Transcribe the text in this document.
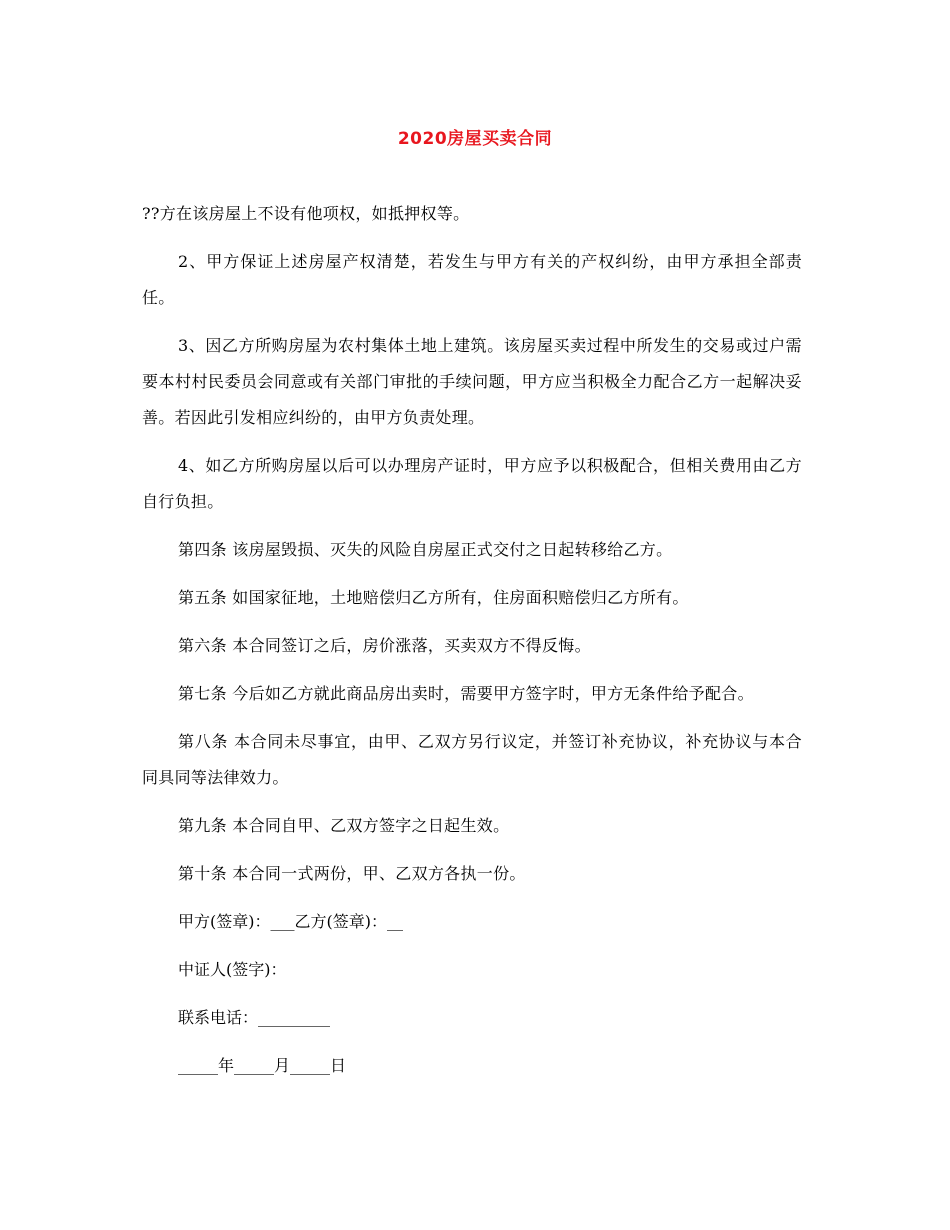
2020房屋买卖合同

??方在该房屋上不设有他项权，如抵押权等。

2、甲方保证上述房屋产权清楚，若发生与甲方有关的产权纠纷，由甲方承担全部责任。

3、因乙方所购房屋为农村集体土地上建筑。该房屋买卖过程中所发生的交易或过户需要本村村民委员会同意或有关部门审批的手续问题，甲方应当积极全力配合乙方一起解决妥善。若因此引发相应纠纷的，由甲方负责处理。

4、如乙方所购房屋以后可以办理房产证时，甲方应予以积极配合，但相关费用由乙方自行负担。

第四条 该房屋毁损、灭失的风险自房屋正式交付之日起转移给乙方。

第五条 如国家征地，土地赔偿归乙方所有，住房面积赔偿归乙方所有。

第六条 本合同签订之后，房价涨落，买卖双方不得反悔。

第七条 今后如乙方就此商品房出卖时，需要甲方签字时，甲方无条件给予配合。

第八条 本合同未尽事宜，由甲、乙双方另行议定，并签订补充协议，补充协议与本合同具同等法律效力。

第九条 本合同自甲、乙双方签字之日起生效。

第十条 本合同一式两份，甲、乙双方各执一份。

甲方(签章)：___乙方(签章)：__

中证人(签字)：

联系电话：_________

_____年_____月_____日
